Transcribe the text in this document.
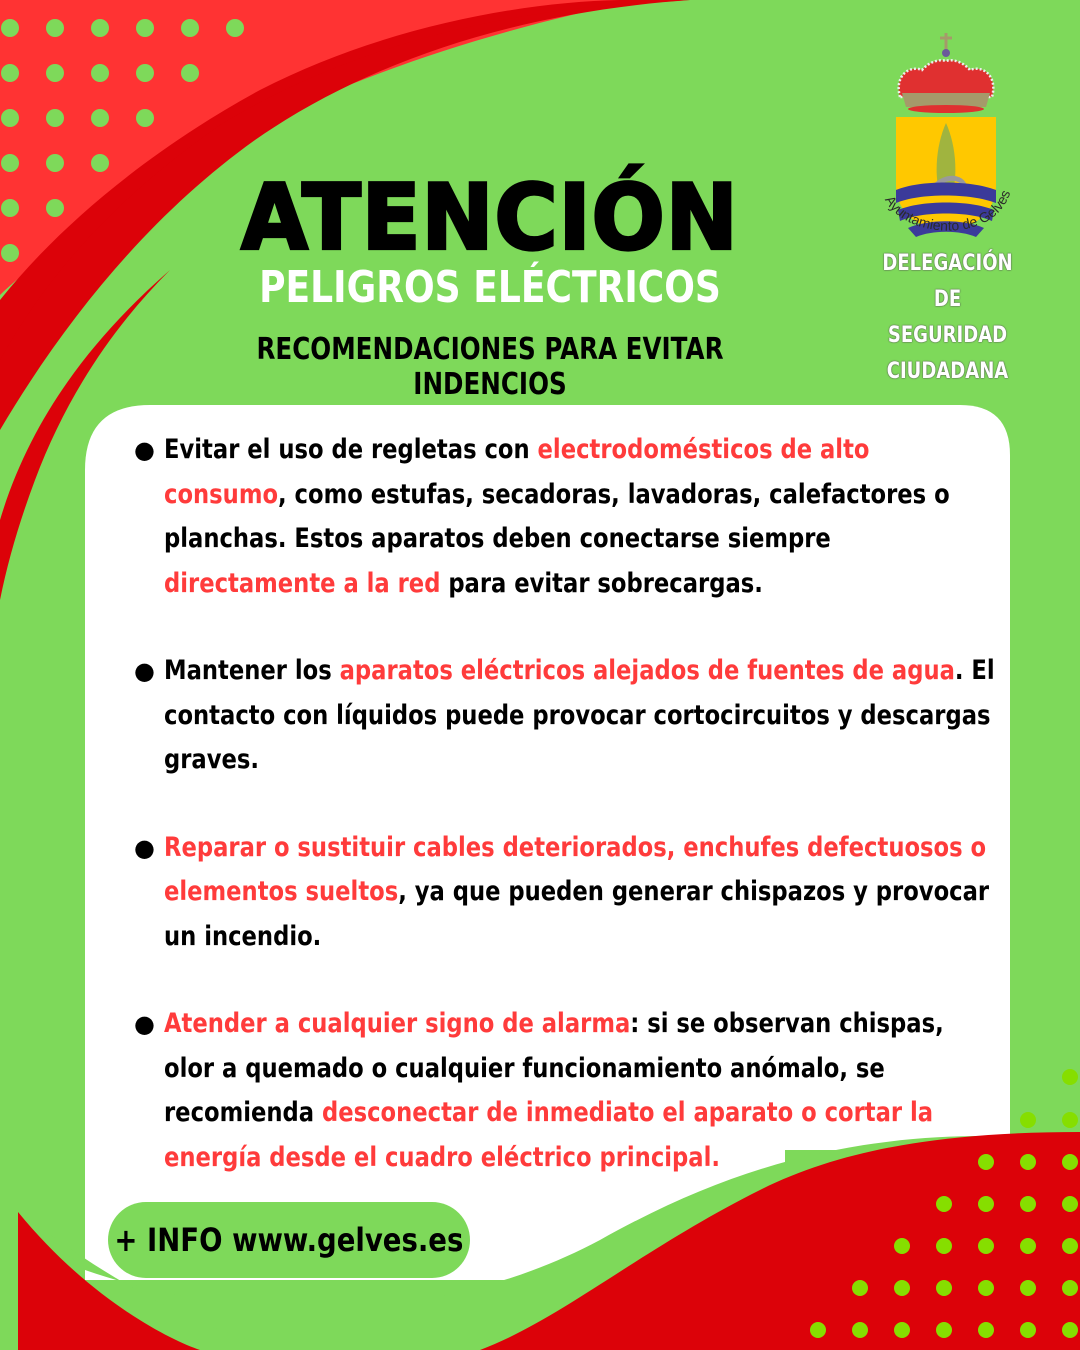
ATENCIÓN
PELIGROS ELÉCTRICOS
RECOMENDACIONES PARA EVITAR INDENCIOS
Ayuntamiento de Gelves
DELEGACIÓN DE
SEGURIDAD
CIUDADANA
● Evitar el uso de regletas con electrodomésticos de alto consumo, como estufas, secadoras, lavadoras, calefactores o planchas. Estos aparatos deben conectarse siempre directamente a la red para evitar sobrecargas.
● Mantener los aparatos eléctricos alejados de fuentes de agua. El contacto con líquidos puede provocar cortocircuitos y descargas graves.
● Reparar o sustituir cables deteriorados, enchufes defectuosos o elementos sueltos, ya que pueden generar chispazos y provocar un incendio.
● Atender a cualquier signo de alarma: si se observan chispas, olor a quemado o cualquier funcionamiento anómalo, se recomienda desconectar de inmediato el aparato o cortar la energía desde el cuadro eléctrico principal.
+ INFO www.gelves.es
